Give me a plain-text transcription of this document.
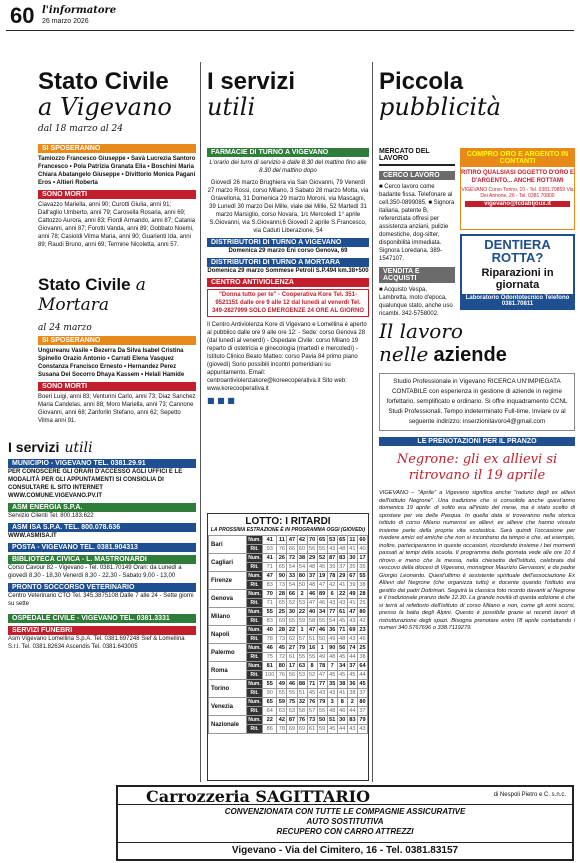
60 l'informatore
26 marzo 2026
Stato Civile
a Vigevano
dal 18 marzo al 24
SI SPOSERANNO
Tamiozzo Francesco Giuseppe • Savà Lucrezia Santoro Francesco • Pola Patrizia Granata Elia • Boschini Maria Chiara Abatangelo Giuseppe • Divittorio Monica Pagani Eros • Altieri Roberta
SONO MORTI
Ciavazzo Mariella, anni 90; Curotti Giulia, anni 91; Dall'aglio Umberto, anni 79; Carosella Rosaria, anni 69; Cattozzo Aurora, anni 83; Fiordi Armando, anni 87; Catania Giovanni, anni 87; Forotti Vanda, anni 89; Gobbato Noemi, anni 78; Casioldi Vilma Maria, anni 90; Guarienti Ida, anni 89; Raudi Bruno, anni 69; Termine Nicoletta, anni 57.
Stato Civile a Mortara
al 24 marzo
SI SPOSERANNO
Ungureanu Vasile • Bezerra Da Silva Isabel Cristina Spinello Orazio Antonio • Carrati Elena Vasquez Constanza Francisco Ernesto • Hernandez Perez Susana Del Socorro Dhaya Kassem • Helali Hamide
SONO MORTI
Boeri Luigi, anni 83; Venturini Carlo, anni 73; Diaz Sanchez Maria Candelas, anni 88; Moro Mariella, anni 73; Cannone Giovanni, anni 68; Zanforlin Stefano, anni 62; Sepetto Vilma anni 91.
I servizi utili
MUNICIPIO - VIGEVANO TEL. 0381.29.91
PER CONOSCERE GLI ORARI D'ACCESSO AGLI UFFICI E LE MODALITÀ PER GLI APPUNTAMENTI SI CONSIGLIA DI CONSULTARE IL SITO INTERNET WWW.COMUNE.VIGEVANO.PV.IT
ASM ENERGIA S.P.A.
Servizio Clienti Tel. 800.183.622
ASM ISA S.P.A. TEL. 800.078.636
WWW.ASMISA.IT
POSTA - VIGEVANO TEL. 0381.904313
BIBLIOTECA CIVICA - L. MASTRONARDI
Corso Cavour 82 - Vigevano - Tel. 0381.70149 Orari: da Lunedì a giovedì 8,30 - 18,30 Venerdì 8,30 - 22,30 - Sabato 9,00 - 13,00
PRONTO SOCCORSO VETERINARIO
Centro Veterinario CTO Tel. 345.3875108 Dalle 7 alle 24 - Sette giorni su sette
OSPEDALE CIVILE - VIGEVANO TEL. 0381.3331
SERVIZI FUNEBRI
Asm Vigevano Lomellina S.p.A. Tel. 0381.697248 Sief & Lomellina S.r.l. Tel. 0381.82634 Ascendis Tel. 0381.643005
I servizi
utili
FARMACIE DI TURNO A VIGEVANO
L'orario dei turni di servizio è dalle 8.30 del mattino fino alle 8.30 del mattino dopo
Giovedì 26 marzo Brughiera via San Giovanni, 79 Venerdì 27 marzo Rossi, corso Milano, 3 Sabato 28 marzo Motta, via Gravellona, 31 Domenica 29 marzo Moroni, via Mascagni, 39 Lunedì 30 marzo Dei Mille, viale dei Mille, 52 Martedì 31 marzo Marsiglio, corso Novara, 1/c Mercoledì 1° aprile S.Giovanni, via S.Giovanni,6 Giovedì 2 aprile S.Francesco, via Caduti Liberazione, 54
DISTRIBUTORI DI TURNO A VIGEVANO
Domenica 29 marzo Eni corso Genova, 69
DISTRIBUTORI DI TURNO A MORTARA
Domenica 29 marzo Sommese Petroli S.P.494 km.38+500
CENTRO ANTIVIOLENZA
"Donna tutto per te" - Cooperativa Kore Tel. 351-9521151 dalle ore 9 alle 12 dal lunedì al venerdì Tel. 349-2827999 SOLO EMERGENZE 24 ORE AL GIORNO
Il Centro Antiviolenza Kore di Vigevano e Lomellina è aperto al pubblico dalle ore 9 alle ore 12: - Sede: corso Genova 28 (dal lunedì al venerdì) - Ospedale Civile: corso Milano 19 reparto di ostetricia e ginecologia (martedì e mercoledì) - Istituto Clinico Beato Matteo: corso Pavia 84 primo piano (giovedì) Sono possibili incontri pomeridiani su appuntamento. Email: centroantiviolenzakore@koreecoperativa.it Sito web: www.korecooperativa.it
■ ■ ■
LOTTO: I RITARDI
LA PROSSIMA ESTRAZIONE È IN PROGRAMMA OGGI (GIOVEDì)
Bari	Num.	41	11	47	42	70	65	53	65	11	60
	Rit.	93	76	66	60	56	55	43	48	41	40
Cagliari	Num.	41	26	72	38	29	52	87	83	30	17
	Rit.	71	65	54	54	48	45	39	37	35	35
Firenze	Num.	47	90	33	80	37	19	78	29	67	55
	Rit.	83	73	54	50	48	47	42	41	39	38
Genova	Num.	70	28	66	2	46	89	6	22	49	28
	Rit.	71	65	52	53	47	46	43	43	41	25
Milano	Num.	55	25	30	22	40	34	77	61	47	80
	Rit.	83	69	65	59	58	55	54	45	43	42
Napoli	Num.	40	28	22	1	47	46	36	71	69	23
	Rit.	78	73	62	57	51	50	49	48	43	46
Palermo	Num.	46	45	27	79	16	1	90	56	74	25
	Rit.	75	72	61	55	55	49	48	45	44	38
Roma	Num.	81	80	17	63	8	78	7	34	37	64
	Rit.	100	76	56	53	52	47	45	45	45	44
Torino	Num.	55	49	46	88	71	77	35	38	36	45
	Rit.	90	55	55	51	45	43	43	41	38	37
Venezia	Num.	65	59	75	32	76	79	3	8	2	80
	Rit.	64	63	63	58	57	55	48	46	44	37
Nazionale	Num.	22	42	87	76	73	50	51	30	83	79
	Rit.	86	78	69	69	61	59	45	44	43	43
Piccola
pubblicità
MERCATO DEL LAVORO
CERCO LAVORO
■ Cerco lavoro come badante fissa. Telefonare al cell.350-0899085. ■ Signora italiana, patente B, referenziata offresi per assistenza anziani, pulizie domestiche, dog-sitter, disponibilità immediata. Signora Loredana, 389-1547107.
VENDITA E ACQUISTI
■ Acquisto Vespa, Lambretta, moto d'epoca, qualunque stato, anche uso ricambi. 342-5758002.
COMPRO ORO E ARGENTO IN CONTANTI
RITIRO QUALSIASI OGGETTO D'ORO E D'ARGENTO... ANCHE ROTTAMI
VIGEVANO Corso Torino, 10 - Tel. 0381.70859 Via Dei Annone, 26 - Tel. 0381.70800
vigevano@lcdabijoux.it
DENTIERA ROTTA?
Riparazioni in giornata
Laboratorio Odontotecnico Telefono 0381.70811
Il lavoro
nelle aziende
Studio Professionale in Vigevano RICERCA UN'IMPIEGATA CONTABILE con esperienza in gestione di aziende in regime forfettario, semplificato e ordinario. Si offre inquadramento CCNL Studi Professionali. Tempo indeterminato Full-time. Inviare cv al seguente indirizzo: inserzionilavoro4@gmail.com
LE PRENOTAZIONI PER IL PRANZO
Negrone: gli ex allievi si ritrovano il 19 aprile
VIGEVANO – "Aprile" a Vigevano significa anche "raduno degli ex allievi dell'istituto Negrone". Una tradizione che si consolida anche quest'anno domenica 19 aprile: di solito era all'inizio del mese, ma è stato scelto di spostare per via della Pasqua. In quella data si troveranno nella storica istituto di corso Milano numerosi ex allievi: ex allieve che hanno vissuto insieme parte della propria vita scolastica. Sarà quindi l'occasione per rivedere amici ed amiche che non si incontrano da tempo e che, ad esempio, inoltre, parteciperanno in queste occasioni, ricordando insieme i bei momenti passati ai tempi della scuola. Il programma della giornata vede alle ore 10 il ritrovo e meno che la messa, nella chiesetta dell'istituto, celebrata dal vescovo della diocesi di Vigevano, monsignor Maurizio Gervasoni, e da padre Giorgio Leonardo. Quest'ultimo è assistente spirituale dell'associazione Ex Allievi del Negrone (che organizza tutto) e docente quando l'istituto era gestito dai padri Dottrinari. Seguirà la classica foto ricordo davanti al Negrone e il tradizionale pranzo delle 12.30. La grande novità di questa edizione è che si terrà al refettorio dell'istituto di corso Milano e non, come gli anni scorsi, presso la baita degli Alpini. Questo è possibile grazie ai recenti lavori di ristrutturazione degli spazi. Bisogna prenotare entro l'8 aprile contattando i numeri 340.5767696 o 338.7119279.
Carrozzeria SAGITTARIO	di Nespoli Pietro e C. s.n.c.
CONVENZIONATA CON TUTTE LE COMPAGNIE ASSICURATIVE
AUTO SOSTITUTIVA
RECUPERO CON CARRO ATTREZZI
Vigevano - Via del Cimitero, 16 - Tel. 0381.83157
